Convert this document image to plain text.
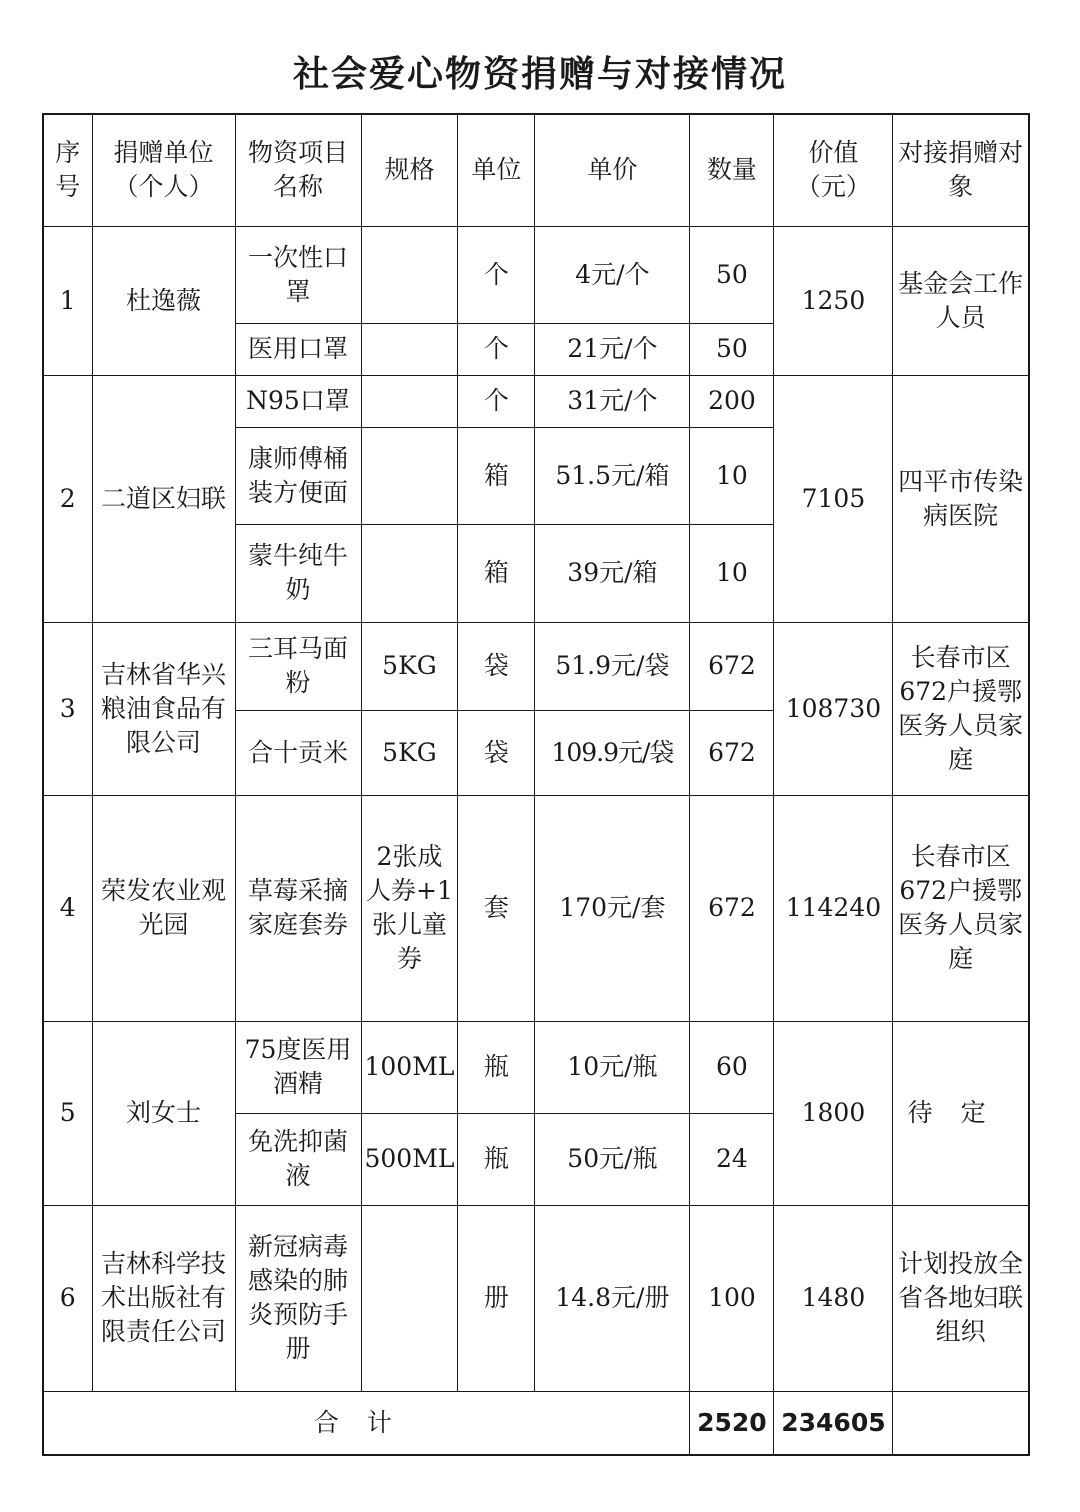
社会爱心物资捐赠与对接情况
序号	捐赠单位（个人）	物资项目名称	规格	单位	单价	数量	价值（元）	对接捐赠对象
1	杜逸薇	一次性口罩		个	4元/个	50	1250	基金会工作人员
		医用口罩		个	21元/个	50		
2	二道区妇联	N95口罩		个	31元/个	200	7105	四平市传染病医院
		康师傅桶装方便面		箱	51.5元/箱	10		
		蒙牛纯牛奶		箱	39元/箱	10		
3	吉林省华兴粮油食品有限公司	三耳马面粉	5KG	袋	51.9元/袋	672	108730	长春市区672户援鄂医务人员家庭
		合十贡米	5KG	袋	109.9元/袋	672		
4	荣发农业观光园	草莓采摘家庭套券	2张成人券+1张儿童券	套	170元/套	672	114240	长春市区672户援鄂医务人员家庭
5	刘女士	75度医用酒精	100ML	瓶	10元/瓶	60	1800	待定
		免洗抑菌液	500ML	瓶	50元/瓶	24		
6	吉林科学技术出版社有限责任公司	新冠病毒感染的肺炎预防手册		册	14.8元/册	100	1480	计划投放全省各地妇联组织
合计						2520	234605	
